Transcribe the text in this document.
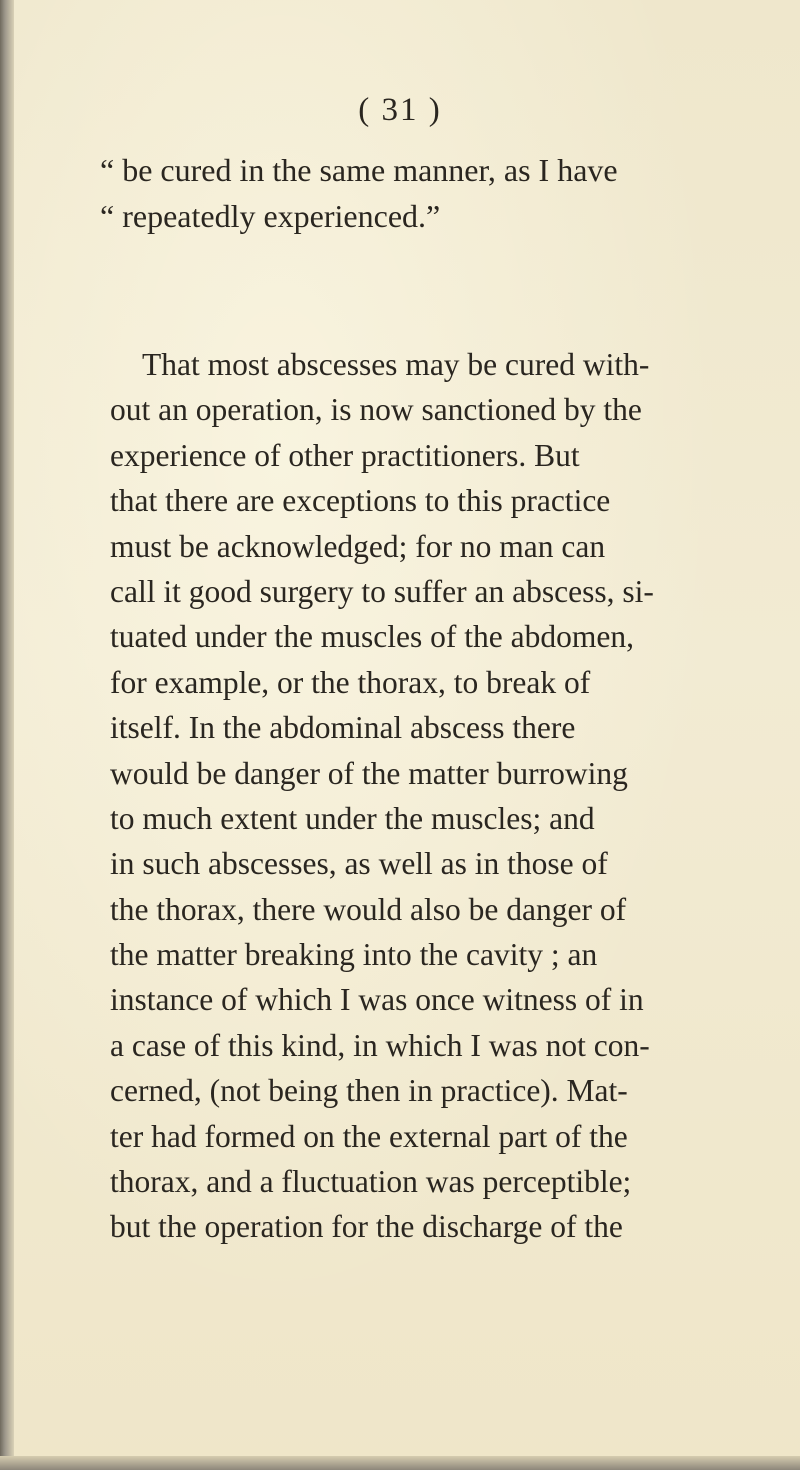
( 31 )
“ be cured in the same manner, as I have
“ repeatedly experienced.”
That most abscesses may be cured with-
out an operation, is now sanctioned by the
experience of other practitioners. But
that there are exceptions to this practice
must be acknowledged; for no man can
call it good surgery to suffer an abscess, si-
tuated under the muscles of the abdomen,
for example, or the thorax, to break of
itself. In the abdominal abscess there
would be danger of the matter burrowing
to much extent under the muscles; and
in such abscesses, as well as in those of
the thorax, there would also be danger of
the matter breaking into the cavity ; an
instance of which I was once witness of in
a case of this kind, in which I was not con-
cerned, (not being then in practice). Mat-
ter had formed on the external part of the
thorax, and a fluctuation was perceptible;
but the operation for the discharge of the
